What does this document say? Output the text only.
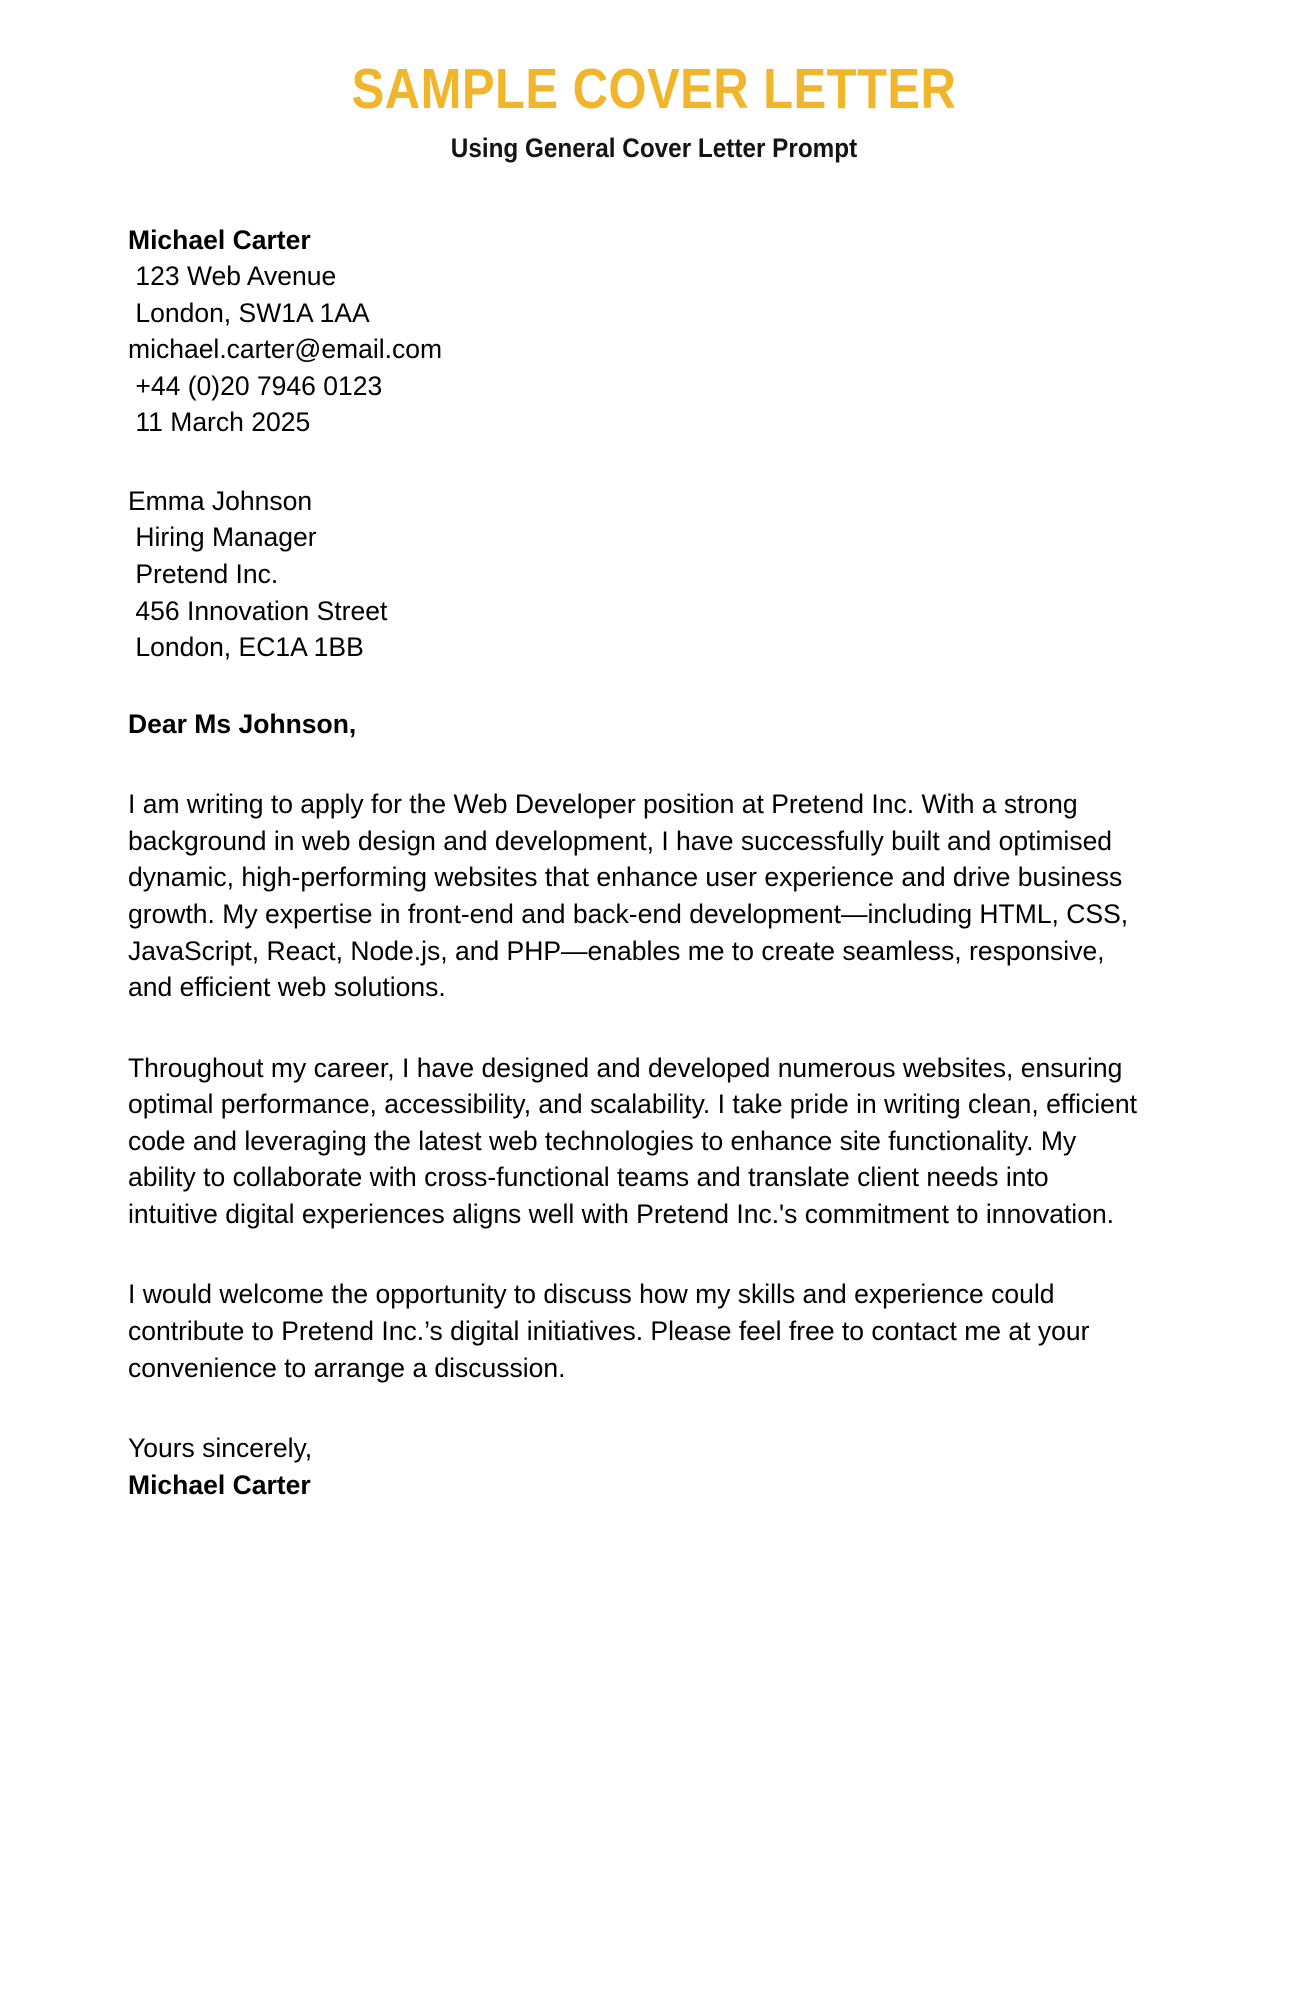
SAMPLE COVER LETTER
Using General Cover Letter Prompt
Michael Carter
123 Web Avenue
London, SW1A 1AA
michael.carter@email.com
+44 (0)20 7946 0123
11 March 2025
Emma Johnson
Hiring Manager
Pretend Inc.
456 Innovation Street
London, EC1A 1BB
Dear Ms Johnson,

I am writing to apply for the Web Developer position at Pretend Inc. With a strong background in web design and development, I have successfully built and optimised dynamic, high-performing websites that enhance user experience and drive business growth. My expertise in front-end and back-end development—including HTML, CSS, JavaScript, React, Node.js, and PHP—enables me to create seamless, responsive, and efficient web solutions.

Throughout my career, I have designed and developed numerous websites, ensuring optimal performance, accessibility, and scalability. I take pride in writing clean, efficient code and leveraging the latest web technologies to enhance site functionality. My ability to collaborate with cross-functional teams and translate client needs into intuitive digital experiences aligns well with Pretend Inc.'s commitment to innovation.

I would welcome the opportunity to discuss how my skills and experience could contribute to Pretend Inc.’s digital initiatives. Please feel free to contact me at your convenience to arrange a discussion.

Yours sincerely,
Michael Carter
